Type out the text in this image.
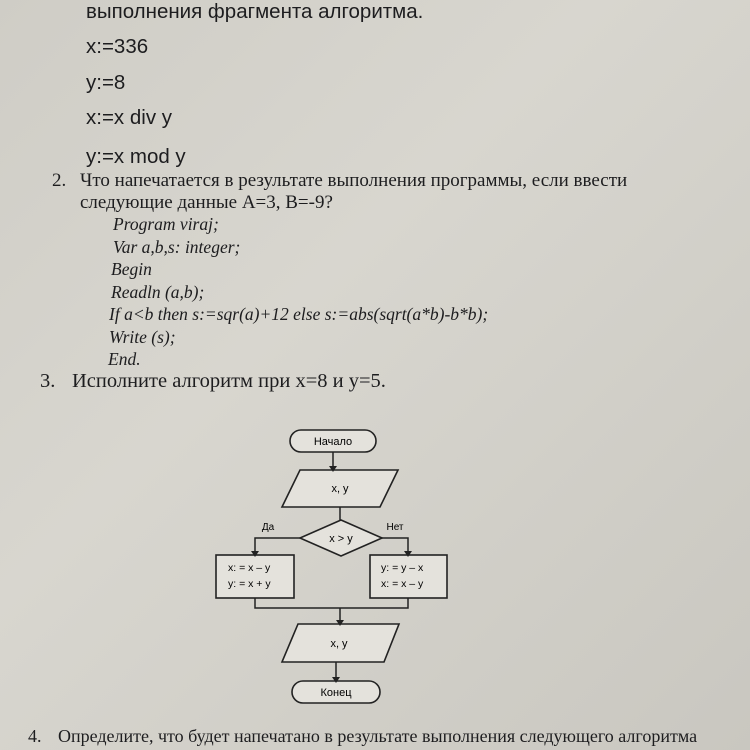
выполнения фрагмента алгоритма.
x:=336
y:=8
x:=x div y
y:=x mod y
2. Что напечатается в результате выполнения программы, если ввести
следующие данные A=3, B=-9?
Program viraj;
Var a,b,s: integer;
Begin
Readln (a,b);
If a<b then s:=sqr(a)+12 else s:=abs(sqrt(a*b)-b*b);
Write (s);
End.
3. Исполните алгоритм при x=8 и y=5.
Начало
x, y
x > y
Да	Нет
x: = x – y
y: = x + y
y: = y – x
x: = x – y
x, y
Конец
4. Определите, что будет напечатано в результате выполнения следующего алгоритма
